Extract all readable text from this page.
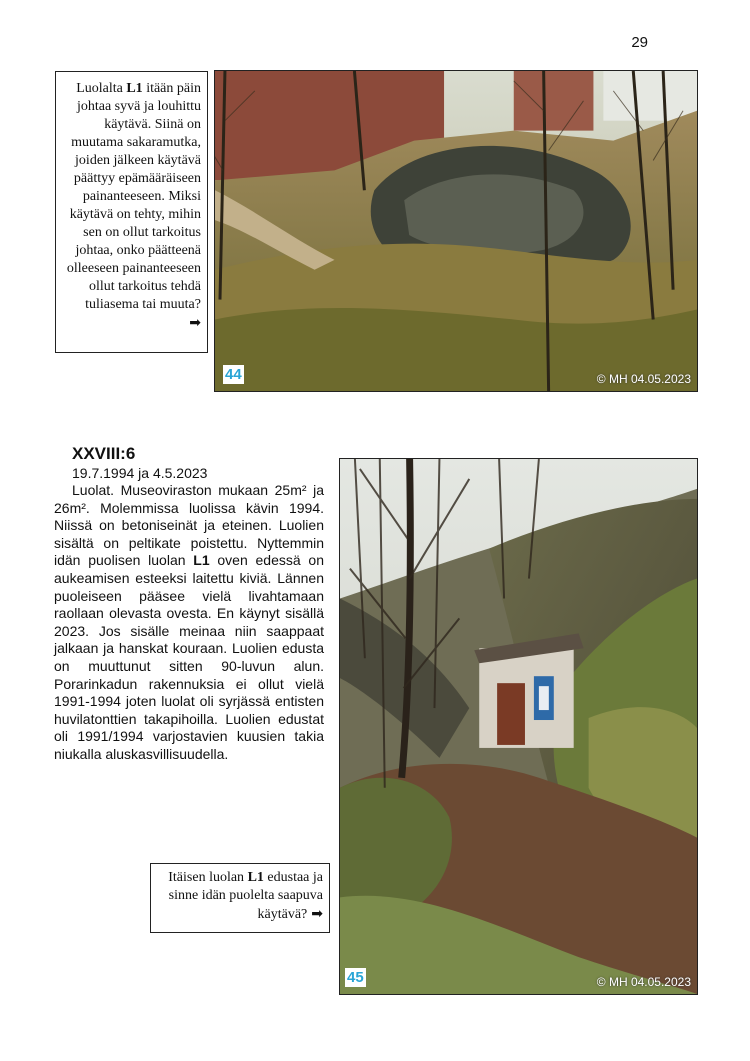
29
Luolalta L1 itään päin johtaa syvä ja louhittu käytävä. Siinä on muutama sakaramutka, joiden jälkeen käytävä päättyy epämääräiseen painanteeseen. Miksi käytävä on tehty, mihin sen on ollut tarkoitus johtaa, onko päätteenä olleeseen painanteeseen ollut tarkoitus tehdä tuliasema tai muuta?
➡
44	© MH 04.05.2023
XXVIII:6
19.7.1994 ja 4.5.2023

Luolat. Museoviraston mukaan 25m² ja 26m². Molemmissa luolissa kävin 1994. Niissä on betoniseinät ja eteinen. Luolien sisältä on peltikate poistettu. Nyttemmin idän puolisen luolan L1 oven edessä on aukeamisen esteeksi laitettu kiviä. Lännen puoleiseen pääsee vielä livahtamaan raollaan olevasta ovesta. En käynyt sisällä 2023. Jos sisälle meinaa niin saappaat jalkaan ja hanskat kouraan. Luolien edusta on muuttunut sitten 90-luvun alun. Porarinkadun rakennuksia ei ollut vielä 1991-1994 joten luolat oli syrjässä entisten huvilatonttien takapihoilla. Luolien edustat oli 1991/1994 varjostavien kuusien takia niukalla aluskasvillisuudella.

45	© MH 04.05.2023
Itäisen luolan L1 edustaa ja sinne idän puolelta saapuva käytävä? ➡
